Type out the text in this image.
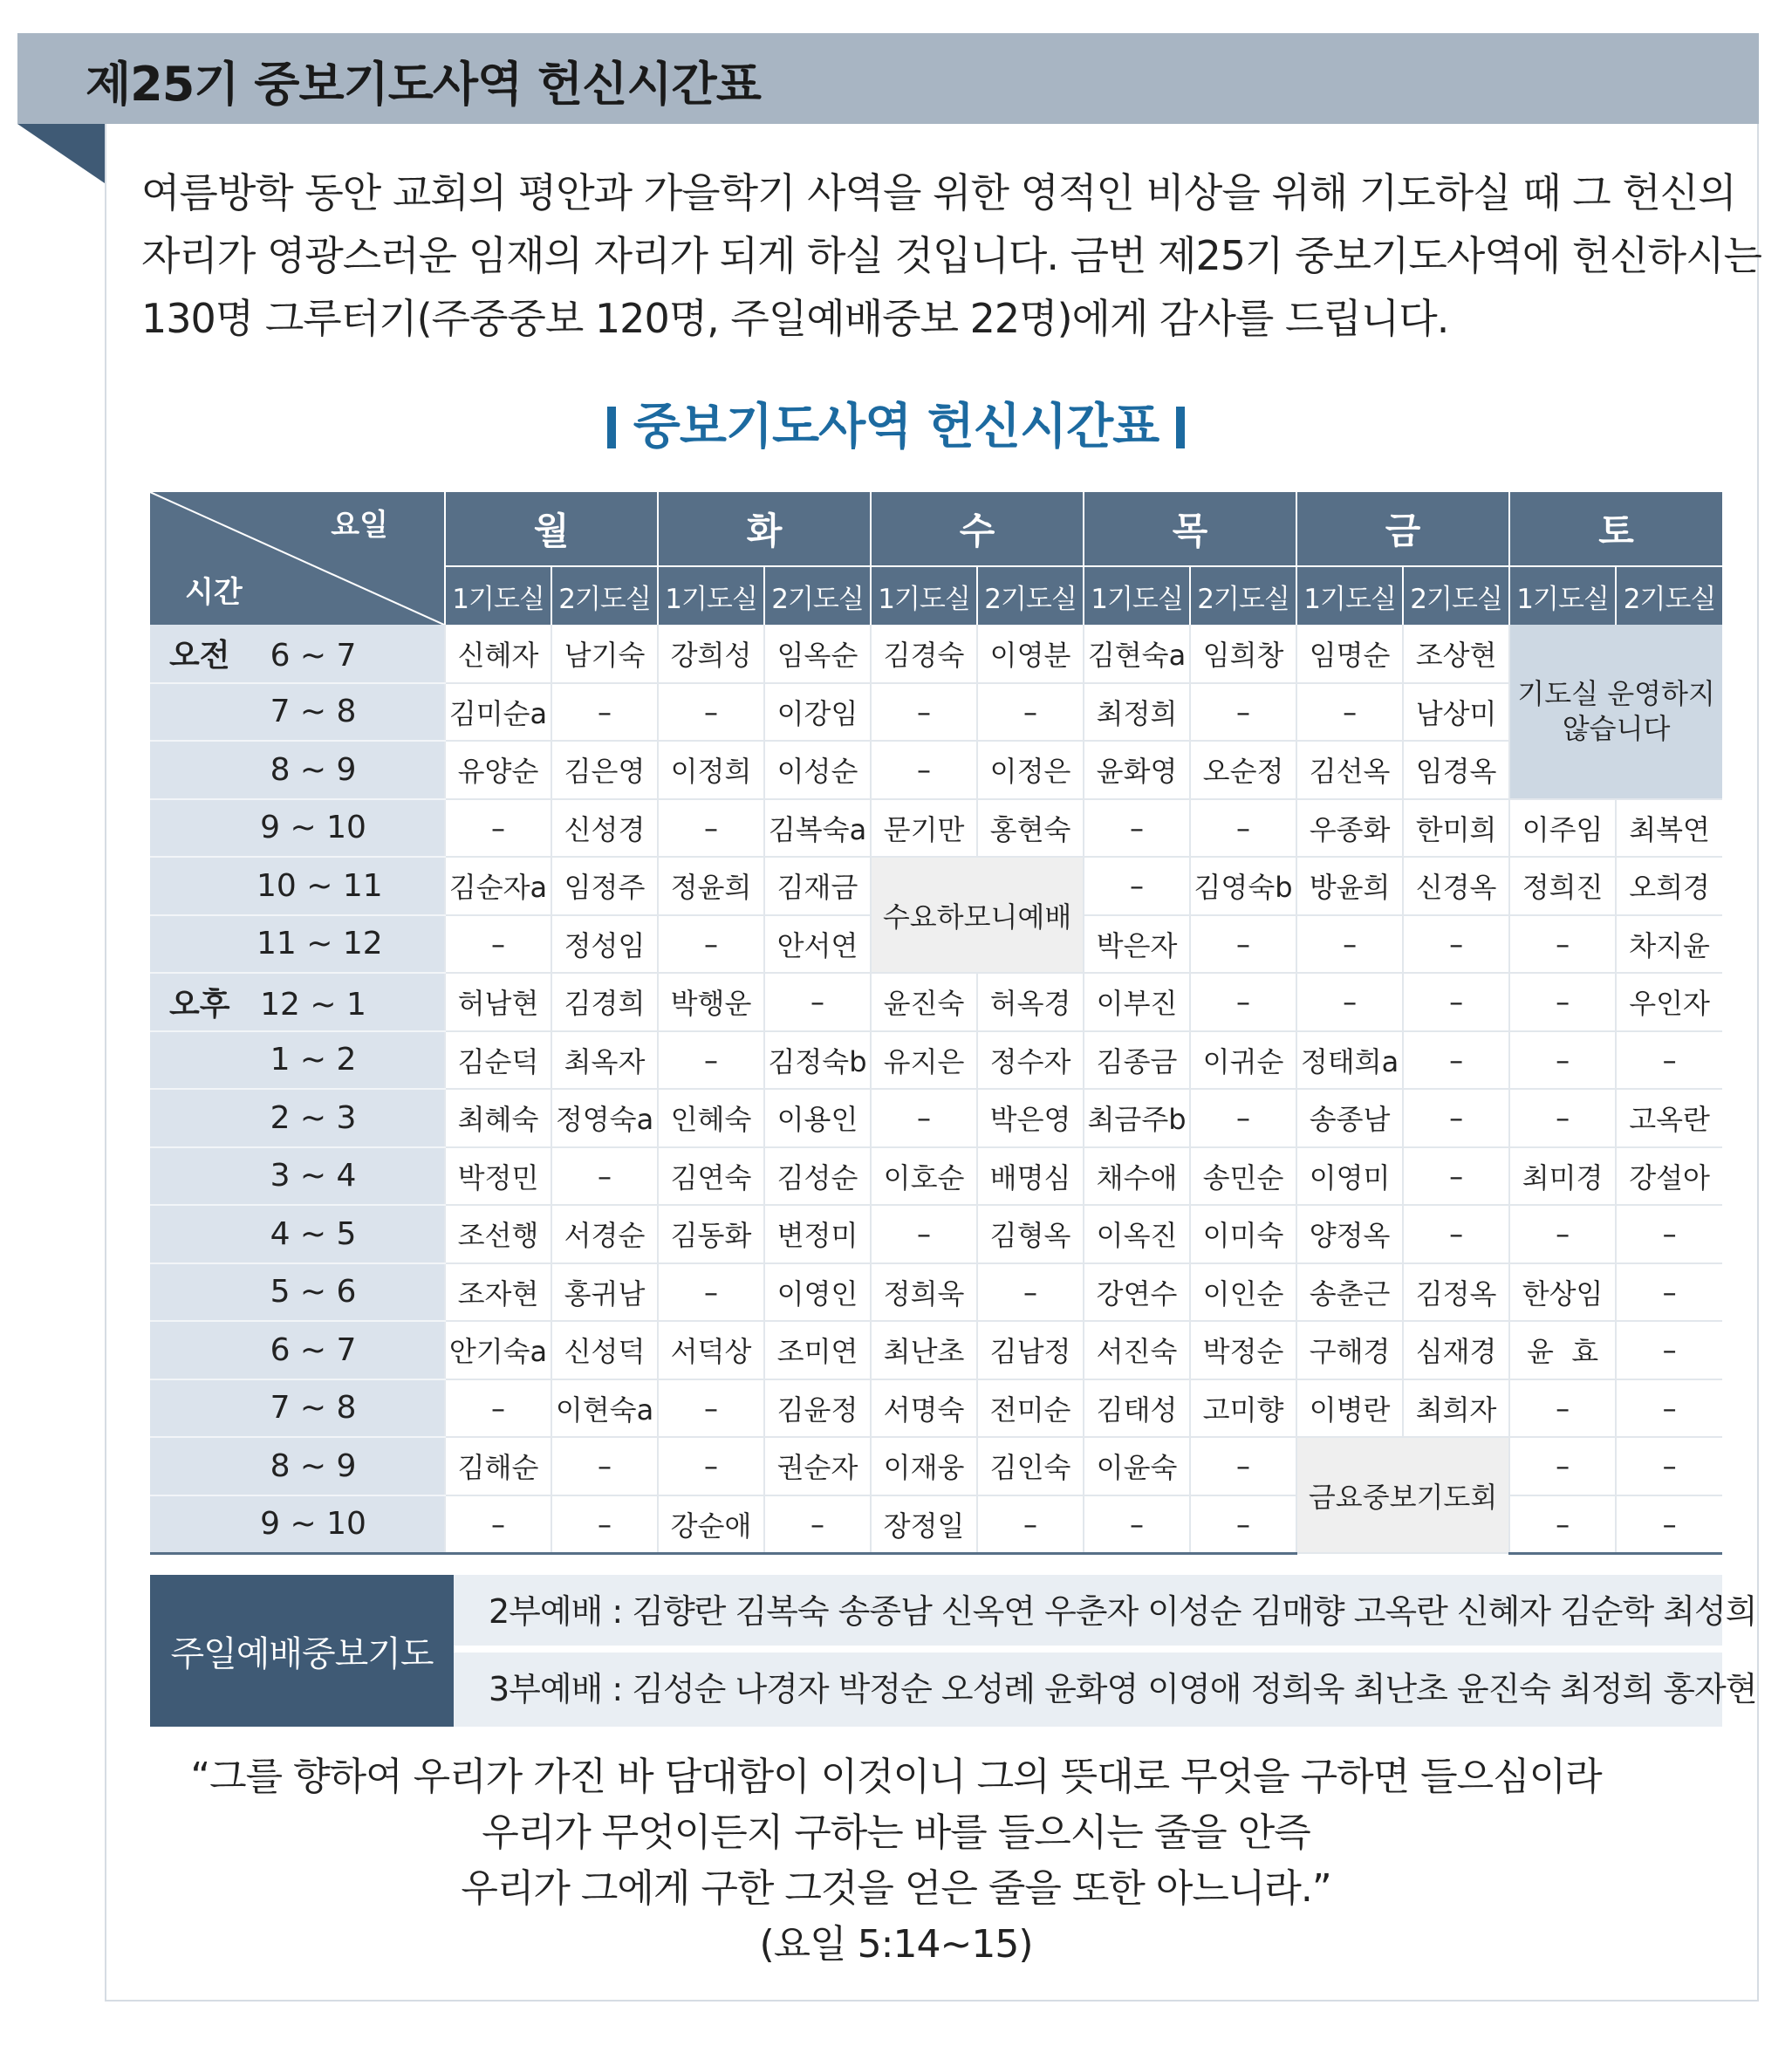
제25기 중보기도사역 헌신시간표

여름방학 동안 교회의 평안과 가을학기 사역을 위한 영적인 비상을 위해 기도하실 때 그 헌신의

자리가 영광스러운 임재의 자리가 되게 하실 것입니다. 금번 제25기 중보기도사역에 헌신하시는

130명 그루터기(주중중보 120명, 주일예배중보 22명)에게 감사를 드립니다.

중보기도사역 헌신시간표
요일
시간	월		화		수		목		금		토	
	1기도실	2기도실	1기도실	2기도실	1기도실	2기도실	1기도실	2기도실	1기도실	2기도실	1기도실	2기도실
오전 6 ~ 7	신혜자	남기숙	강희성	임옥순	김경숙	이영분	김현숙a	임희창	임명순	조상현	기도실 운영하지 않습니다	
7 ~ 8	김미순a	–	–	이강임	–	–	최정희	–	–	남상미		
8 ~ 9	유양순	김은영	이정희	이성순	–	이정은	윤화영	오순정	김선옥	임경옥		
9 ~ 10	–	신성경	–	김복숙a	문기만	홍현숙	–	–	우종화	한미희	이주임	최복연
10 ~ 11	김순자a	임정주	정윤희	김재금	수요하모니예배		–	김영숙b	방윤희	신경옥	정희진	오희경
11 ~ 12	–	정성임	–	안서연			박은자	–	–	–	–	차지윤
오후 12 ~ 1	허남현	김경희	박행운	–	윤진숙	허옥경	이부진	–	–	–	–	우인자
1 ~ 2	김순덕	최옥자	–	김정숙b	유지은	정수자	김종금	이귀순	정태희a	–	–	–
2 ~ 3	최혜숙	정영숙a	인혜숙	이용인	–	박은영	최금주b	–	송종남	–	–	고옥란
3 ~ 4	박정민	–	김연숙	김성순	이호순	배명심	채수애	송민순	이영미	–	최미경	강설아
4 ~ 5	조선행	서경순	김동화	변정미	–	김형옥	이옥진	이미숙	양정옥	–	–	–
5 ~ 6	조자현	홍귀남	–	이영인	정희욱	–	강연수	이인순	송춘근	김정옥	한상임	–
6 ~ 7	안기숙a	신성덕	서덕상	조미연	최난초	김남정	서진숙	박정순	구해경	심재경	윤  효	–
7 ~ 8	–	이현숙a	–	김윤정	서명숙	전미순	김태성	고미향	이병란	최희자	–	–
8 ~ 9	김해순	–	–	권순자	이재웅	김인숙	이윤숙	–	금요중보기도회		–	–
9 ~ 10	–	–	강순애	–	장정일	–	–	–			–	–
주일예배중보기도
2부예배 : 김향란 김복숙 송종남 신옥연 우춘자 이성순 김매향 고옥란 신혜자 김순학 최성희
3부예배 : 김성순 나경자 박정순 오성례 윤화영 이영애 정희욱 최난초 윤진숙 최정희 홍자현

“그를 향하여 우리가 가진 바 담대함이 이것이니 그의 뜻대로 무엇을 구하면 들으심이라

우리가 무엇이든지 구하는 바를 들으시는 줄을 안즉

우리가 그에게 구한 그것을 얻은 줄을 또한 아느니라.”

(요일 5:14~15)
